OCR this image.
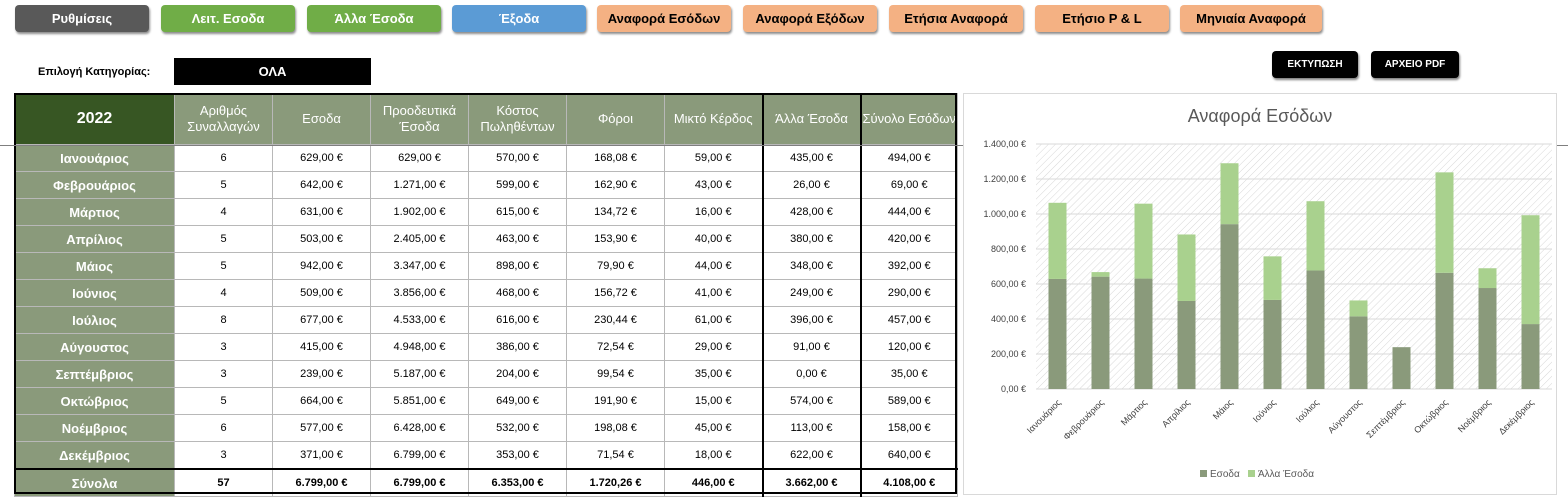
Ρυθμίσεις	Λειτ. Εσοδα	Άλλα Έσοδα	Έξοδα	Αναφορά Εσόδων	Αναφορά Εξόδων	Ετήσια Αναφορά	Ετήσιο P & L	Μηνιαία Αναφορά
Επιλογή Κατηγορίας:	ΟΛΑ	ΕΚΤΥΠΩΣΗ	ΑΡΧΕΙΟ PDF
2022	Αριθμός Συναλλαγών	Εσοδα	Προοδευτικά Έσοδα	Κόστος Πωληθέντων	Φόροι	Μικτό Κέρδος	Άλλα Έσοδα	Σύνολο Εσόδων
Ιανουάριος	6	629,00 €	629,00 €	570,00 €	168,08 €	59,00 €	435,00 €	494,00 €
Φεβρουάριος	5	642,00 €	1.271,00 €	599,00 €	162,90 €	43,00 €	26,00 €	69,00 €
Μάρτιος	4	631,00 €	1.902,00 €	615,00 €	134,72 €	16,00 €	428,00 €	444,00 €
Απρίλιος	5	503,00 €	2.405,00 €	463,00 €	153,90 €	40,00 €	380,00 €	420,00 €
Μάιος	5	942,00 €	3.347,00 €	898,00 €	79,90 €	44,00 €	348,00 €	392,00 €
Ιούνιος	4	509,00 €	3.856,00 €	468,00 €	156,72 €	41,00 €	249,00 €	290,00 €
Ιούλιος	8	677,00 €	4.533,00 €	616,00 €	230,44 €	61,00 €	396,00 €	457,00 €
Αύγουστος	3	415,00 €	4.948,00 €	386,00 €	72,54 €	29,00 €	91,00 €	120,00 €
Σεπτέμβριος	3	239,00 €	5.187,00 €	204,00 €	99,54 €	35,00 €	0,00 €	35,00 €
Οκτώβριος	5	664,00 €	5.851,00 €	649,00 €	191,90 €	15,00 €	574,00 €	589,00 €
Νοέμβριος	6	577,00 €	6.428,00 €	532,00 €	198,08 €	45,00 €	113,00 €	158,00 €
Δεκέμβριος	3	371,00 €	6.799,00 €	353,00 €	71,54 €	18,00 €	622,00 €	640,00 €
Σύνολα	57	6.799,00 €	6.799,00 €	6.353,00 €	1.720,26 €	446,00 €	3.662,00 €	4.108,00 €
Αναφορά Εσόδων
0,00 €
200,00 €
400,00 €
600,00 €
800,00 €
1.000,00 €
1.200,00 €
1.400,00 €
Ιανουάριος
Φεβρουάριος Μάρτιος Απρίλιος Μάιος Ιούνιος Ιούλιος Αύγουστος Σεπτέμβριος Οκτώβριος Νοέμβριος Δεκέμβριος
Εσοδα Άλλα Έσοδα
